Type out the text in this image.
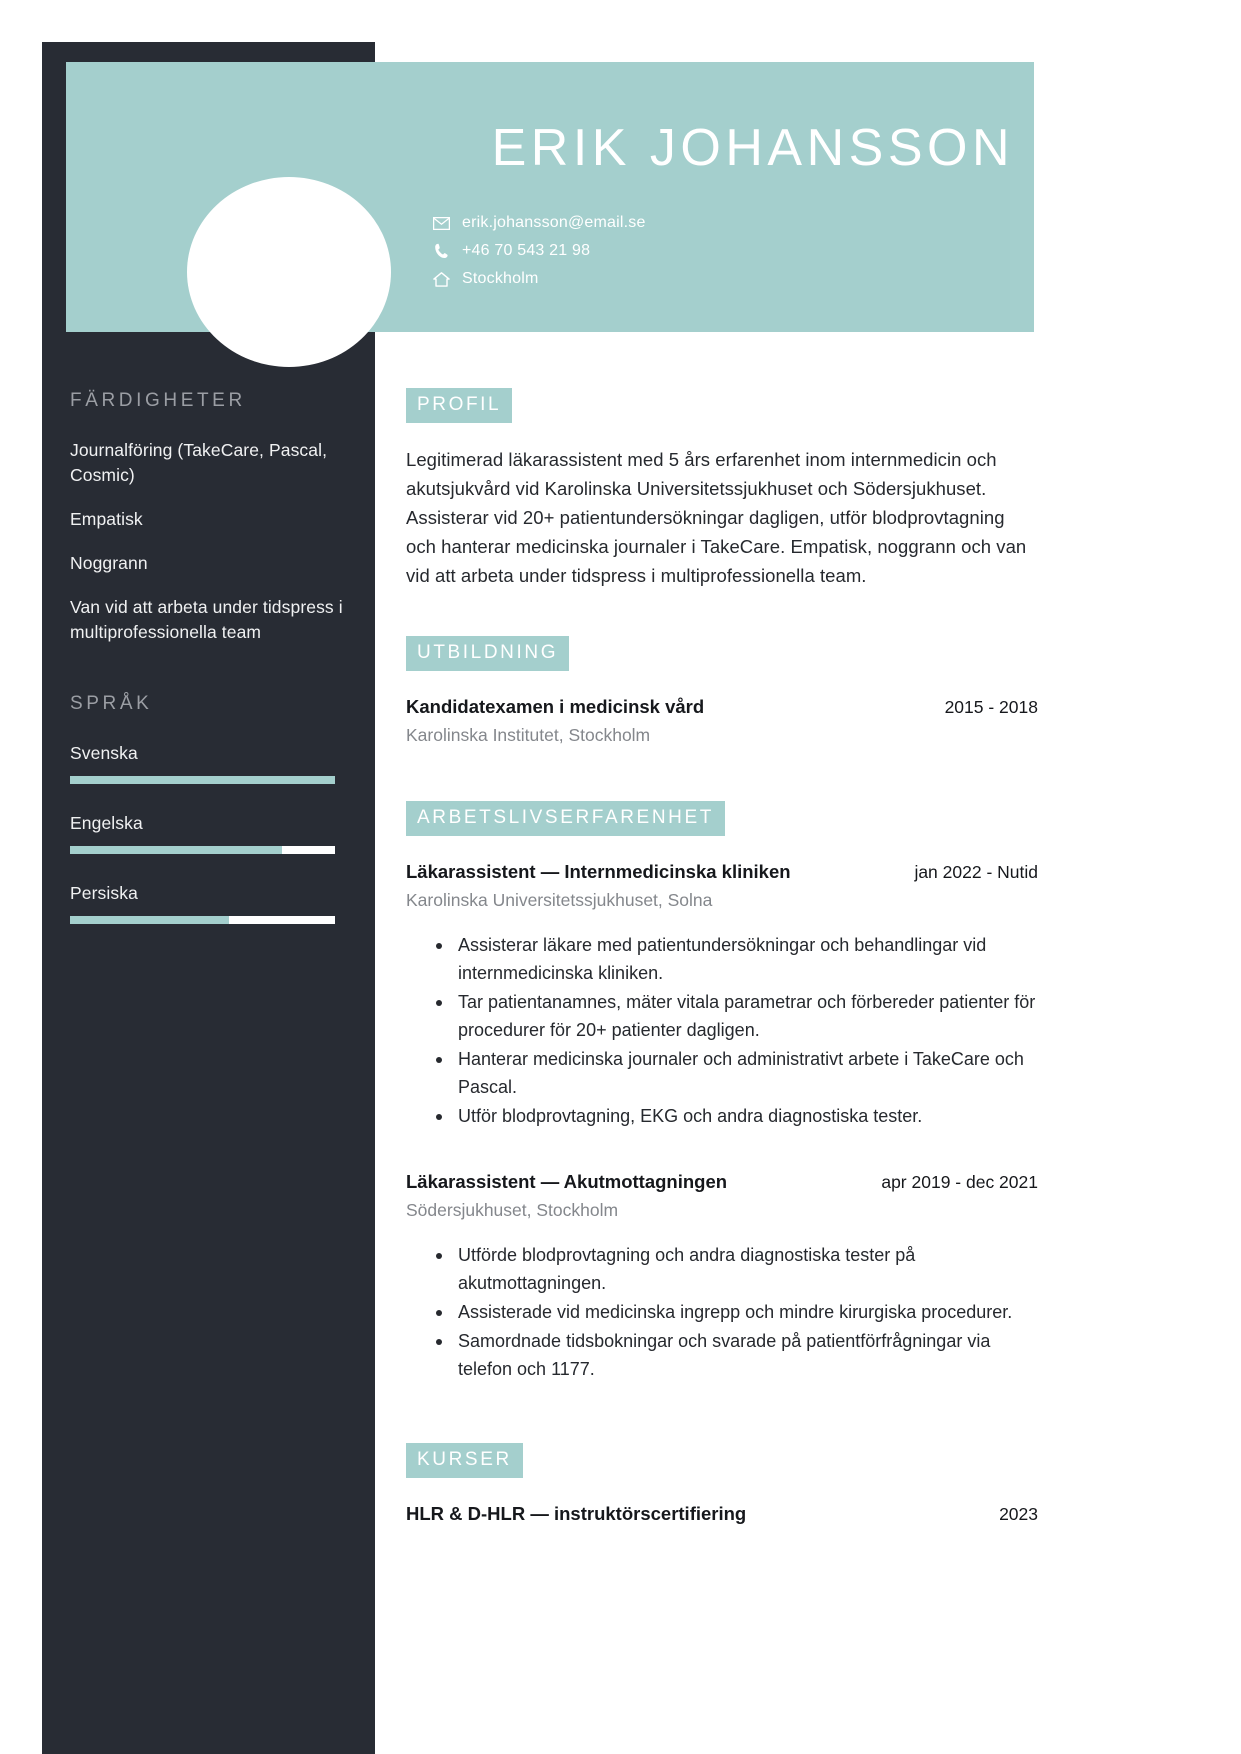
ERIK JOHANSSON
erik.johansson@email.se
+46 70 543 21 98
Stockholm
FÄRDIGHETER
Journalföring (TakeCare, Pascal, Cosmic)
Empatisk
Noggrann
Van vid att arbeta under tidspress i multiprofessionella team
SPRÅK
Svenska
Engelska
Persiska
PROFIL
Legitimerad läkarassistent med 5 års erfarenhet inom internmedicin och akutsjukvård vid Karolinska Universitetssjukhuset och Södersjukhuset. Assisterar vid 20+ patientundersökningar dagligen, utför blodprovtagning och hanterar medicinska journaler i TakeCare. Empatisk, noggrann och van vid att arbeta under tidspress i multiprofessionella team.
UTBILDNING
Kandidatexamen i medicinsk vård	2015 - 2018
Karolinska Institutet, Stockholm
ARBETSLIVSERFARENHET
Läkarassistent — Internmedicinska kliniken	jan 2022 - Nutid
Karolinska Universitetssjukhuset, Solna
Assisterar läkare med patientundersökningar och behandlingar vid internmedicinska kliniken.
Tar patientanamnes, mäter vitala parametrar och förbereder patienter för procedurer för 20+ patienter dagligen.
Hanterar medicinska journaler och administrativt arbete i TakeCare och Pascal.
Utför blodprovtagning, EKG och andra diagnostiska tester.
Läkarassistent — Akutmottagningen	apr 2019 - dec 2021
Södersjukhuset, Stockholm
Utförde blodprovtagning och andra diagnostiska tester på akutmottagningen.
Assisterade vid medicinska ingrepp och mindre kirurgiska procedurer.
Samordnade tidsbokningar och svarade på patientförfrågningar via telefon och 1177.
KURSER
HLR & D-HLR — instruktörscertifiering	2023
